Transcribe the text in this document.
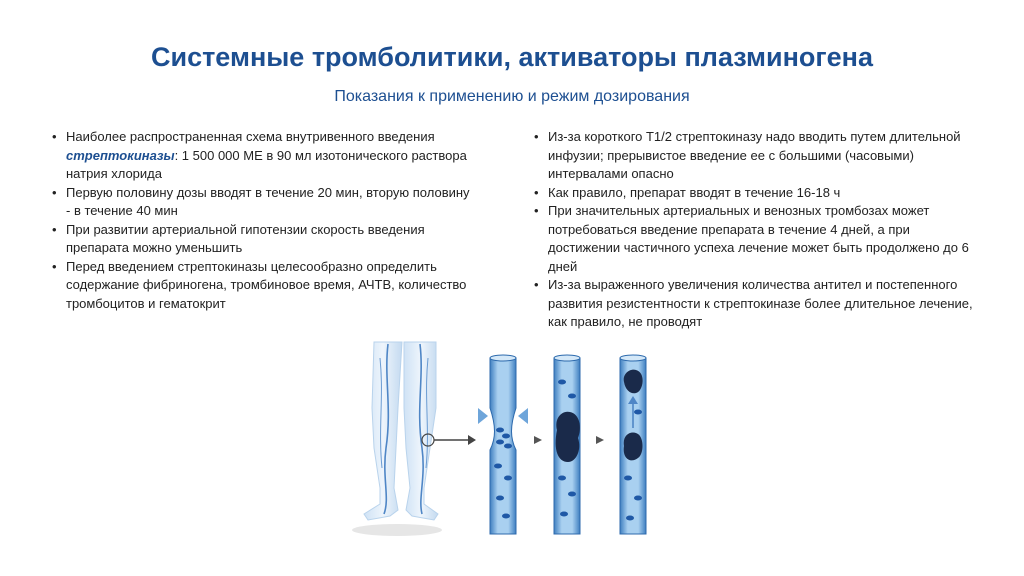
Системные тромболитики, активаторы плазминогена
Показания к применению и режим дозирования
• Наиболее распространенная схема внутривенного введения стрептокиназы: 1 500 000 МЕ в 90 мл изотонического раствора натрия хлорида
• Первую половину дозы вводят в течение 20 мин, вторую половину - в течение 40 мин
• При развитии артериальной гипотензии скорость введения препарата можно уменьшить
• Перед введением стрептокиназы целесообразно определить содержание фибриногена, тромбиновое время, АЧТВ, количество тромбоцитов и гематокрит
• Из-за короткого Т1/2 стрептокиназу надо вводить путем длительной инфузии; прерывистое введение ее с большими (часовыми) интервалами опасно
• Как правило, препарат вводят в течение 16-18 ч
• При значительных артериальных и венозных тромбозах может потребоваться введение препарата в течение 4 дней, а при достижении частичного успеха лечение может быть продолжено до 6 дней
• Из-за выраженного увеличения количества антител и постепенного развития резистентности к стрептокиназе более длительное лечение, как правило, не проводят
